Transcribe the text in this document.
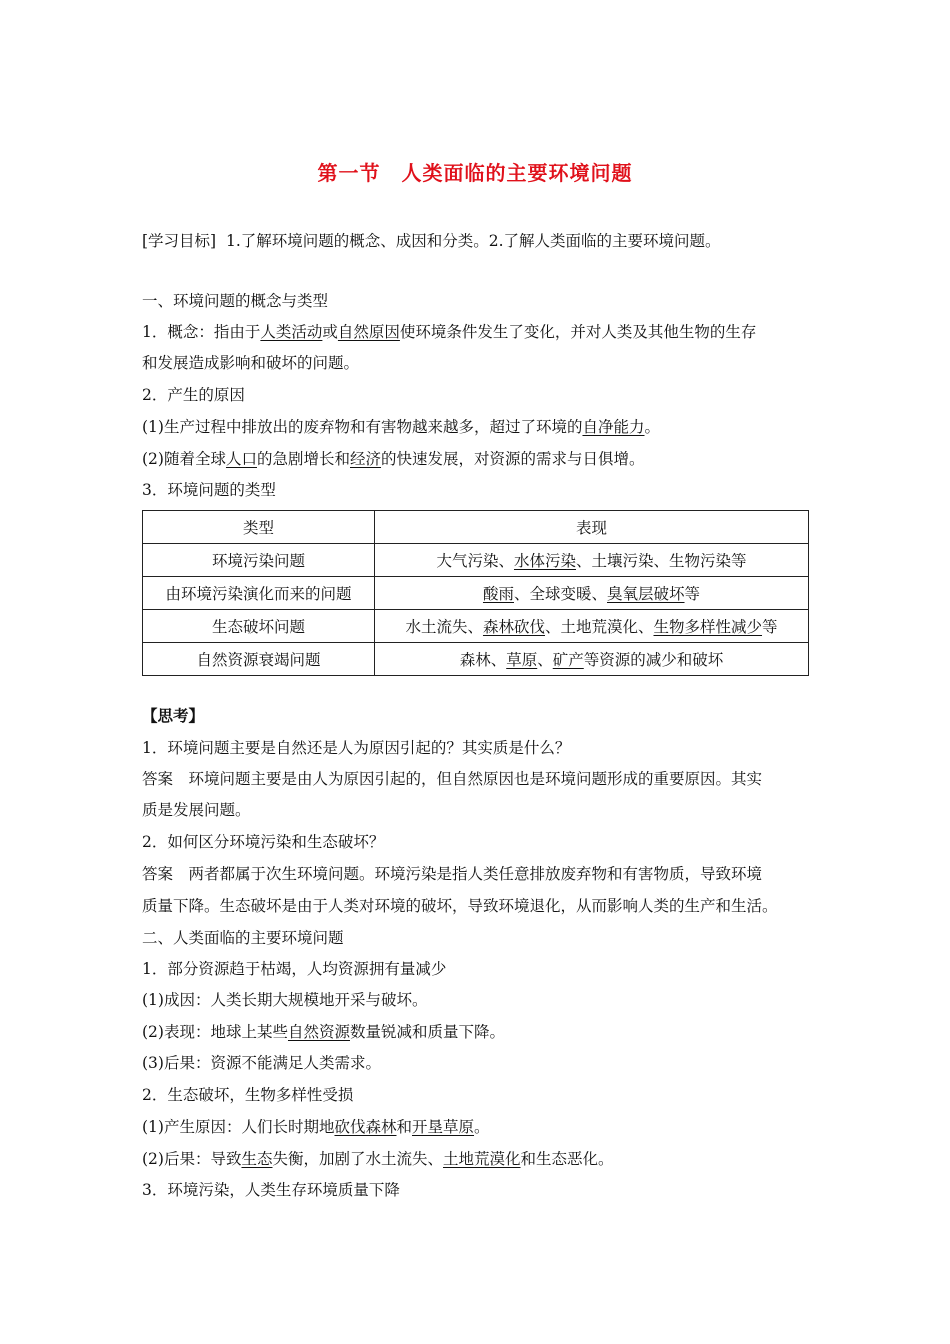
第一节　人类面临的主要环境问题
[学习目标] 1.了解环境问题的概念、成因和分类。2.了解人类面临的主要环境问题。
一、环境问题的概念与类型
1．概念：指由于人类活动或自然原因使环境条件发生了变化，并对人类及其他生物的生存
和发展造成影响和破坏的问题。
2．产生的原因
(1)生产过程中排放出的废弃物和有害物越来越多，超过了环境的自净能力。
(2)随着全球人口的急剧增长和经济的快速发展，对资源的需求与日俱增。
3．环境问题的类型
类型	表现
环境污染问题	大气污染、水体污染、土壤污染、生物污染等
由环境污染演化而来的问题	酸雨、全球变暖、臭氧层破坏等
生态破坏问题	水土流失、森林砍伐、土地荒漠化、生物多样性减少等
自然资源衰竭问题	森林、草原、矿产等资源的减少和破坏
【思考】
1．环境问题主要是自然还是人为原因引起的？其实质是什么？
答案　环境问题主要是由人为原因引起的，但自然原因也是环境问题形成的重要原因。其实
质是发展问题。
2．如何区分环境污染和生态破坏？
答案　两者都属于次生环境问题。环境污染是指人类任意排放废弃物和有害物质，导致环境
质量下降。生态破坏是由于人类对环境的破坏，导致环境退化，从而影响人类的生产和生活。
二、人类面临的主要环境问题
1．部分资源趋于枯竭，人均资源拥有量减少
(1)成因：人类长期大规模地开采与破坏。
(2)表现：地球上某些自然资源数量锐减和质量下降。
(3)后果：资源不能满足人类需求。
2．生态破坏，生物多样性受损
(1)产生原因：人们长时期地砍伐森林和开垦草原。
(2)后果：导致生态失衡，加剧了水土流失、土地荒漠化和生态恶化。
3．环境污染，人类生存环境质量下降
